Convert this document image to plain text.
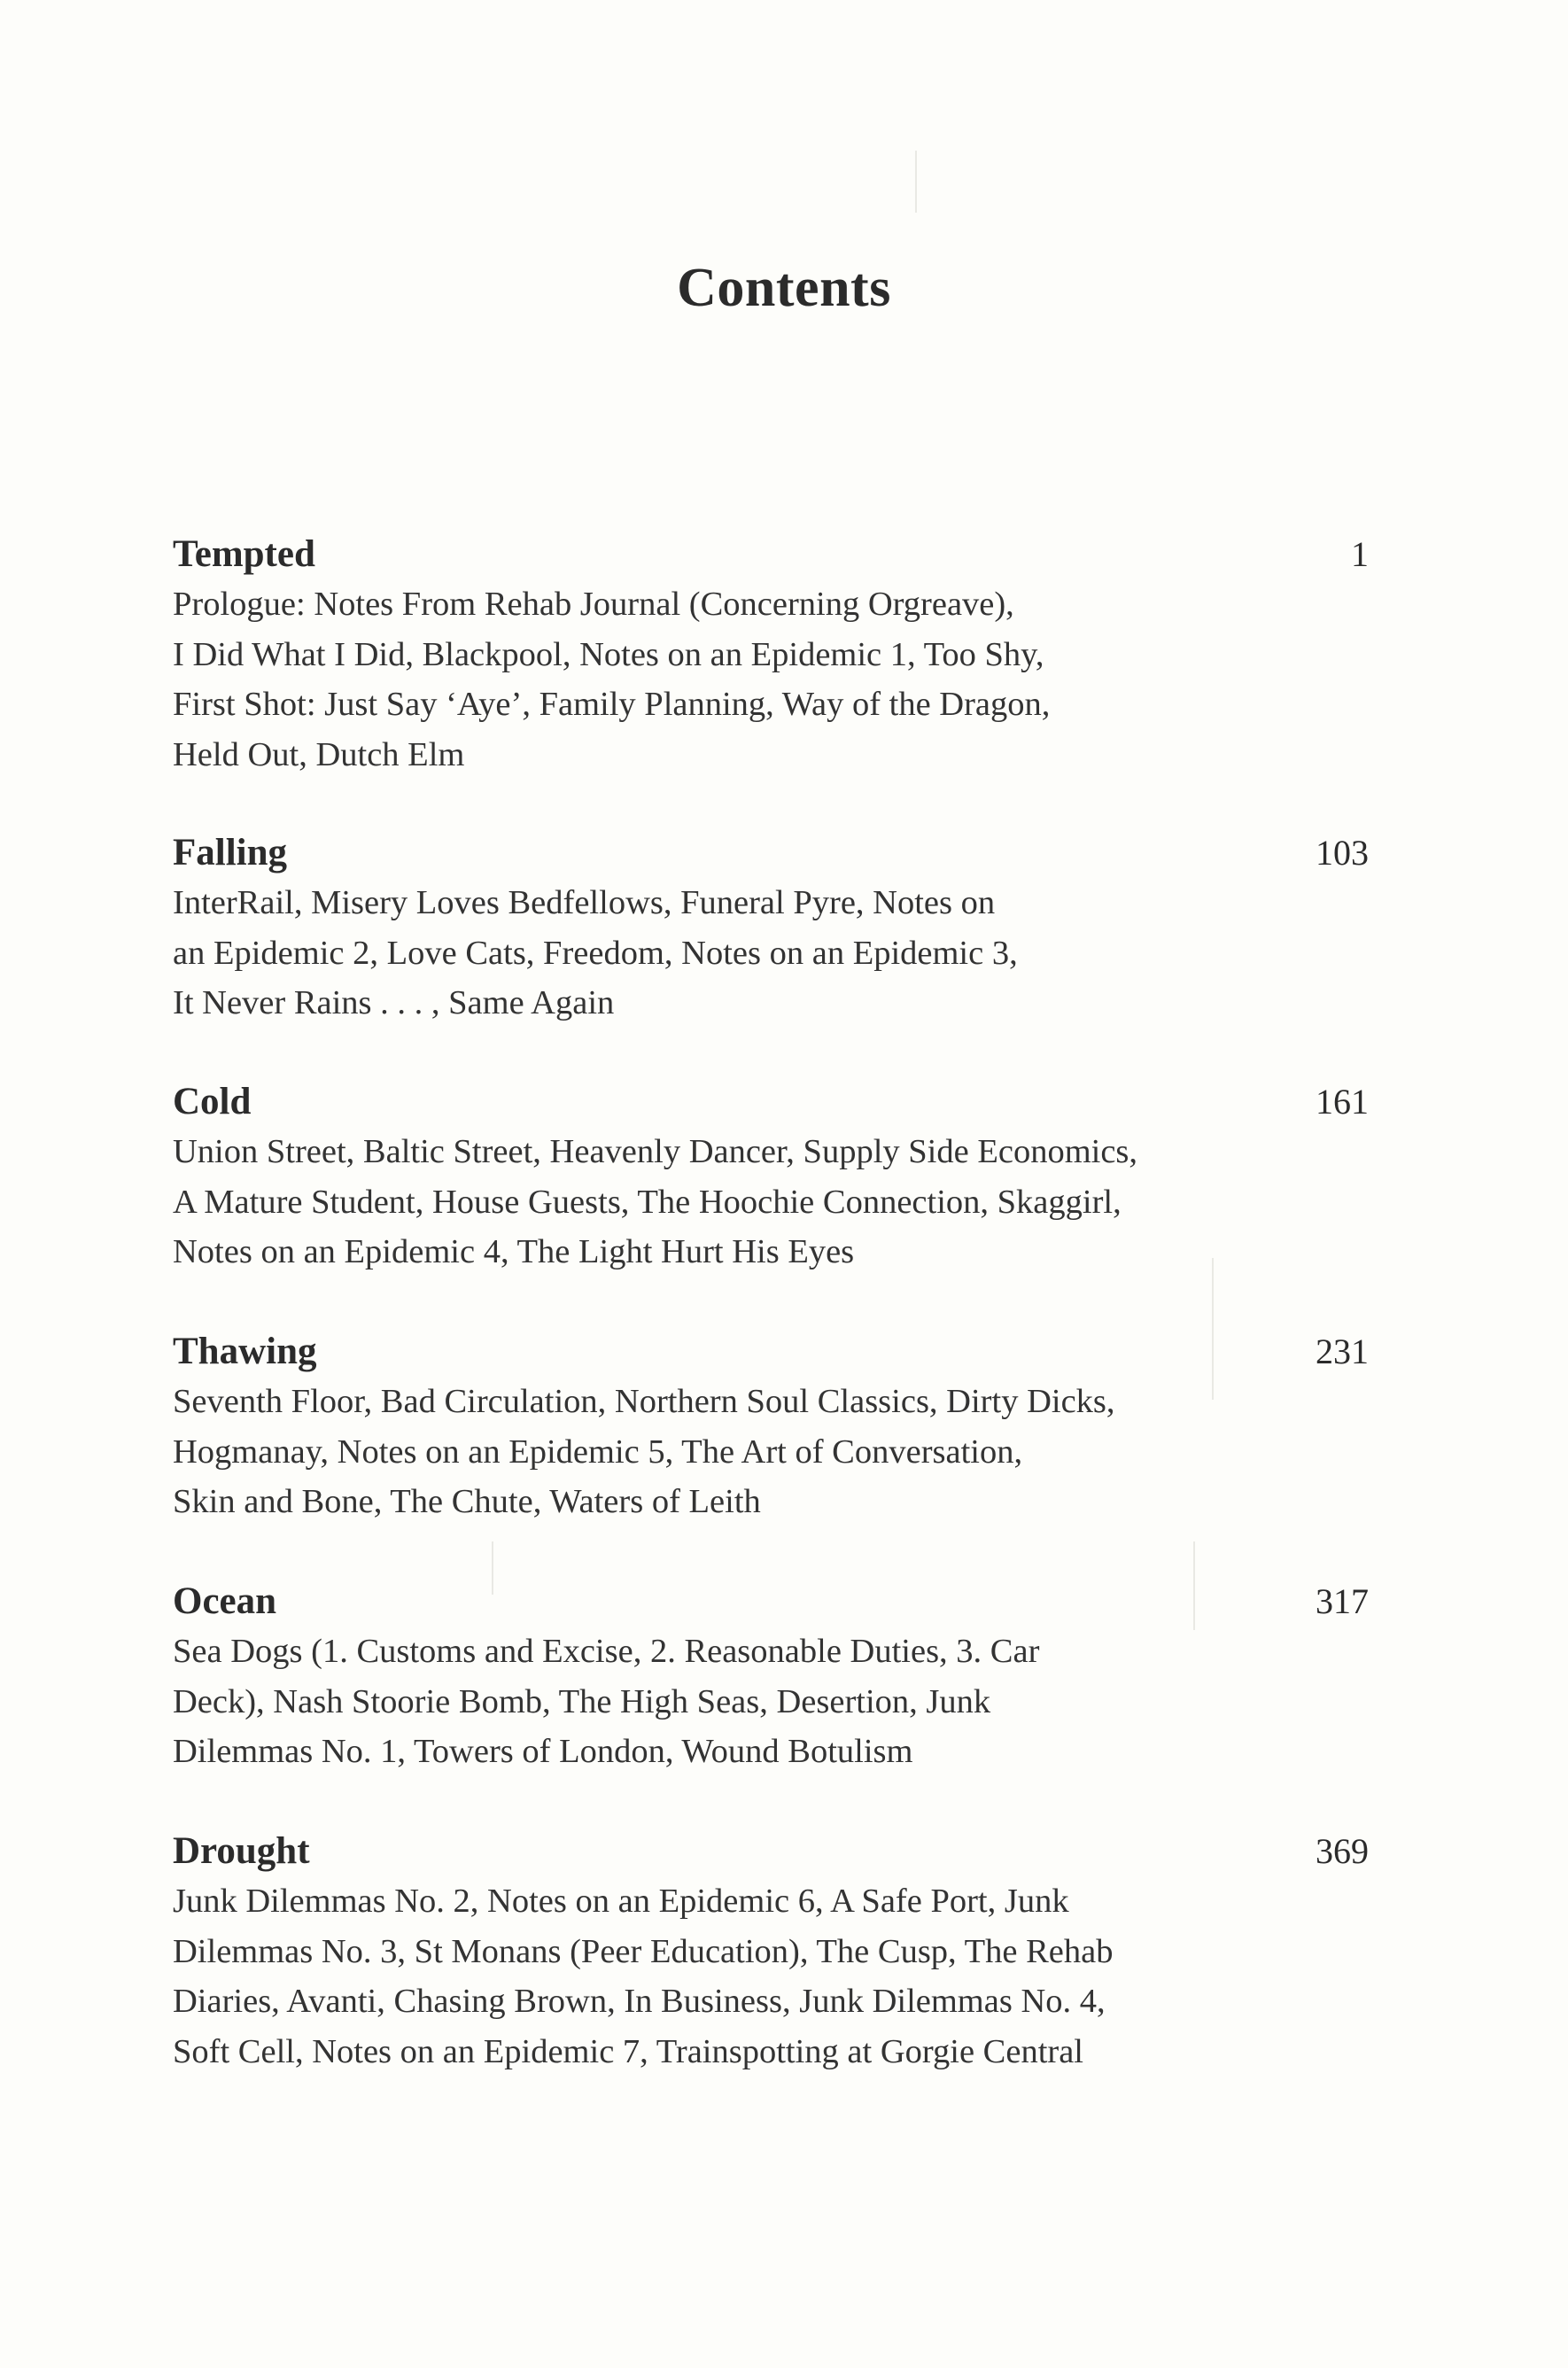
Contents
Tempted	1
Prologue: Notes From Rehab Journal (Concerning Orgreave),
I Did What I Did, Blackpool, Notes on an Epidemic 1, Too Shy,
First Shot: Just Say ‘Aye’, Family Planning, Way of the Dragon,
Held Out, Dutch Elm
Falling	103
InterRail, Misery Loves Bedfellows, Funeral Pyre, Notes on
an Epidemic 2, Love Cats, Freedom, Notes on an Epidemic 3,
It Never Rains . . . , Same Again
Cold	161
Union Street, Baltic Street, Heavenly Dancer, Supply Side Economics,
A Mature Student, House Guests, The Hoochie Connection, Skaggirl,
Notes on an Epidemic 4, The Light Hurt His Eyes
Thawing	231
Seventh Floor, Bad Circulation, Northern Soul Classics, Dirty Dicks,
Hogmanay, Notes on an Epidemic 5, The Art of Conversation,
Skin and Bone, The Chute, Waters of Leith
Ocean	317
Sea Dogs (1. Customs and Excise, 2. Reasonable Duties, 3. Car
Deck), Nash Stoorie Bomb, The High Seas, Desertion, Junk
Dilemmas No. 1, Towers of London, Wound Botulism
Drought	369
Junk Dilemmas No. 2, Notes on an Epidemic 6, A Safe Port, Junk
Dilemmas No. 3, St Monans (Peer Education), The Cusp, The Rehab
Diaries, Avanti, Chasing Brown, In Business, Junk Dilemmas No. 4,
Soft Cell, Notes on an Epidemic 7, Trainspotting at Gorgie Central
